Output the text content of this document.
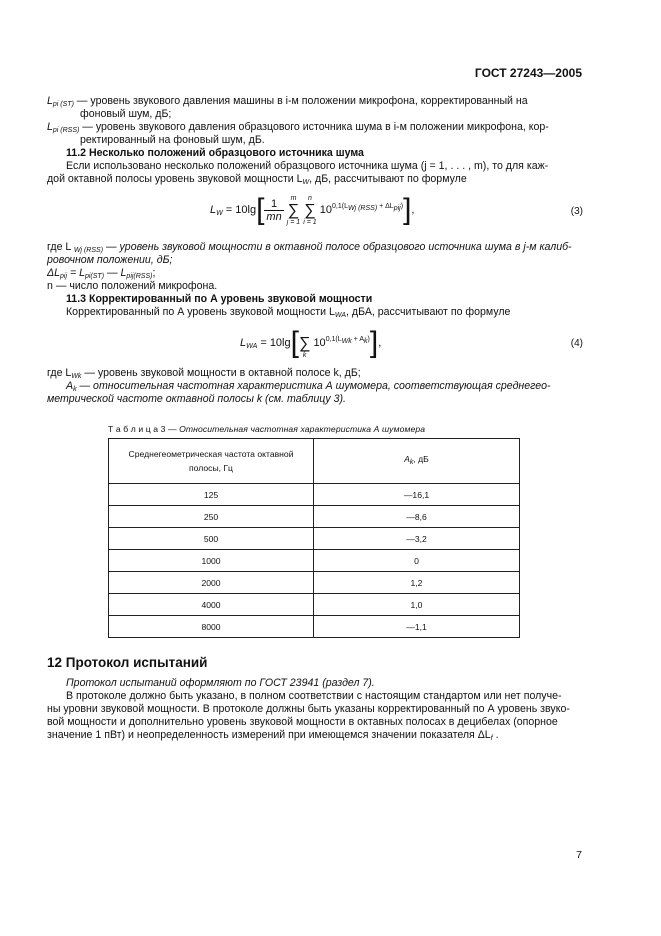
ГОСТ 27243—2005
$L_{pi (ST)}$ — уровень звукового давления машины в i-м положении микрофона, корректированный на
фоновый шум, дБ;
$L_{pi (RSS)}$ — уровень звукового давления образцового источника шума в i-м положении микрофона, кор-
ректированный на фоновый шум, дБ.
11.2 Несколько положений образцового источника шума
Если использовано несколько положений образцового источника шума (j = 1, . . . , m), то для каж-
дой октавной полосы уровень звуковой мощности $L_W$, дБ, рассчитывают по формуле
$L_W = 10\lg[ \frac{1}{mn}$
m
∑
j = 1

n
∑
i = 1
$10^{0,1(L_{Wj (RSS)} + \Delta L_{pij})}$],	(3)
где L $_{Wj (RSS)}$ — уровень звуковой мощности в октавной полосе образцового источника шума в j-м калиб-
ровочном положении, дБ;
$\Delta L_{pij} = L_{pi(ST)}$ — $L_{pij(RSS)}$;
n — число положений микрофона.
11.3 Корректированный по А уровень звуковой мощности
Корректированный по А уровень звуковой мощности $L_{WA}$, дБА, рассчитывают по формуле
$L_{WA} = 10\lg$[
∑
k
$10^{0,1(L_{Wk} + A_k)}$],	(4)
где $L_{Wk}$ — уровень звуковой мощности в октавной полосе k, дБ;
$A_k$ — относительная частотная характеристика А шумомера, соответствующая среднегео-
метрической частоте октавной полосы k (см. таблицу 3).
Т а б л и ц а 3 — Относительная частотная характеристика А шумомера
Среднегеометрическая частота октавной
полосы, Гц	$A_k$, дБ
125	—16,1
250	—8,6
500	—3,2
1000	0
2000	1,2
4000	1,0
8000	—1,1
12 Протокол испытаний
Протокол испытаний оформляют по ГОСТ 23941 (раздел 7).
В протоколе должно быть указано, в полном соответствии с настоящим стандартом или нет получе-
ны уровни звуковой мощности. В протоколе должны быть указаны корректированный по А уровень звуко-
вой мощности и дополнительно уровень звуковой мощности в октавных полосах в децибелах (опорное
значение 1 пВт) и неопределенность измерений при имеющемся значении показателя $\Delta L_f$ .
7
